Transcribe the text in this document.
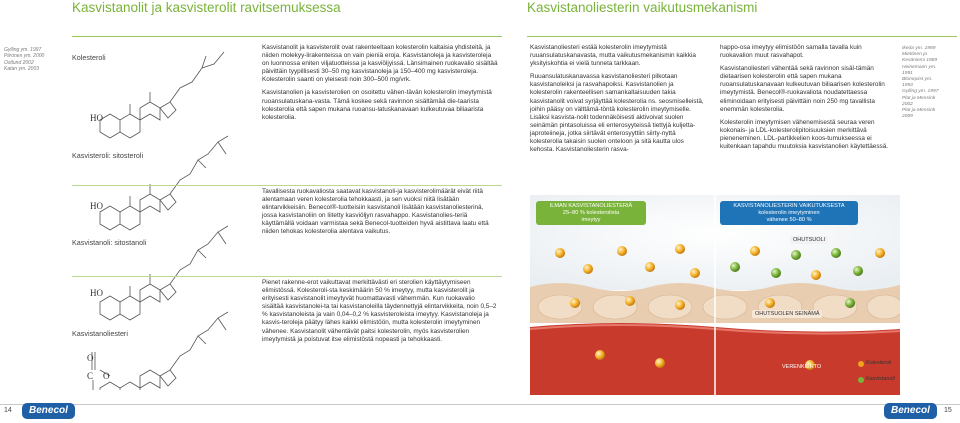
Kasvistanolit ja kasvisterolit ravitsemuksessa	Kasvistanoliesterin vaikutusmekanismi
Gylling ym. 1997
Piironen ym. 2000
Ostlund 2002
Katan ym. 2003
Kolesteroli
HO
Kasvisteroli: sitosteroli
HO
Kasvistanoli: sitostanoli
HO
Kasvistanoliesteri
O
C O

Kasvistanolit ja kasvisterolit ovat rakenteeltaan kolesterolin kaltaisia yhdisteitä, ja niiden molekyy-lirakenteissa on vain pieniä eroja. Kasvistanoleja ja kasvisteroleja on luonnossa eniten viljatuotteissa ja kasviöljyissä. Länsimainen ruokavalio sisältää päivittäin tyypillisesti 30–50 mg kasvistanoleja ja 150–400 mg kasvisteroleja. Kolesterolin saanti on yleisesti noin 300–500 mg/vrk.

Kasvistanolien ja kasvisterolien on osoitettu vähen-tävän kolesterolin imeytymistä ruoansulatuskana-vasta. Tämä koskee sekä ravinnon sisältämää die-taarista kolesterolia että sapen mukana ruoansu-latuskanavaan kulkeutuvaa biliaarista kolesterolia.

Tavallisesta ruokavaliosta saatavat kasvistanoli-ja kasvisterolimäärät eivät riitä alentamaan veren kolesterolia tehokkaasti, ja sen vuoksi niitä lisätään elintarvikkeisiin. Benecol®-tuotteisiin kasvistanoli lisätään kasvistanoliesterinä, jossa kasvistanoliin on liitetty kasviöljyn rasvahappo. Kasvistanolies-teriä käyttämällä voidaan varmistaa sekä Benecol-tuotteiden hyvä aistittava laatu että niiden tehokas kolesterolia alentava vaikutus.

Pienet rakenne-erot vaikuttavat merkittävästi eri sterolien käyttäytymiseen elimistössä. Kolesteroli-sta keskimäärin 50 % imeytyy, mutta kasvisterolit ja erityisesti kasvistanolit imeytyvät huomattavasti vähemmän. Kun ruokavalio sisältää kasvistanolei-ta tai kasvistanoleilla täydennettyjä elintarvikkeita, noin 0,5–2 % kasvistanoleista ja vain 0,04–0,2 % kasvisteroleista imeytyy. Kasvistanoleja ja kasvis-teroleja päätyy lähes kaikki elimistöön, mutta kolesterolin imeytyminen vähenee. Kasvistanolit vähentävät paitsi kolesterolin, myös kasvisterolien imeytymistä ja poistuvat itse elimistöstä nopeasti ja tehokkaasti.

Kasvistanoliesteri estää kolesterolin imeytymistä ruuansulatuskanavasta, mutta vaikutusmekanismin kaikkia yksityiskohtia ei vielä tunneta tarkkaan.

Ruuansulatuskanavassa kasvistanoliesteri pilkotaan kasvistanoleiksi ja rasvahapoiksi. Kasvistanolien ja kolesterolin rakenteellisen samankaltaisuuden takia kasvistanolit voivat syrjäyttää kolesterolia ns. seosmiselleistä, joihin pääsy on välttämä-töntä kolesterolin imeytymiselle. Lisäksi kasvista-nolit todennäköisesti aktivoivat suolen seinämän pintasoluissa eli enterosyyteissä tiettyjä kuljetta-japroteiineja, jotka siirtävät enterosyyttiin siirty-nyttä kolesterolia takaisin suolen onteloon ja sitä kautta ulos kehosta. Kasvistanoliesterin rasva-

happo-osa imeytyy elimistöön samalla tavalla kuin ruokavalion muut rasvahapot.

Kasvistanoliesteri vähentää sekä ravinnon sisäl-tämän dietaarisen kolesterolin että sapen mukana ruoansulatuskanavaan kulkeutuvan biliaarisen kolesterolin imeytymistä. Benecol®-ruokavaliota noudatettaessa eliminoidaan erityisesti päivittäin noin 250 mg tavallista enemmän kolesterolia.

Kolesterolin imeytymisen vähenemisestä seuraa veren kokonais- ja LDL-kolesterolipitoisuuksien merkittävä pieneneminen. LDL-partikkelien koos-tumukseessa ei kuitenkaan tapahdu muutoksia kasvistanolien käytettäessä.

Ikeda ym. 1989
Miettinen ja
Kesäniemi 1989
Heinemann ym.
1991
Blomqvist ym.
1993
Gylling ym. 1997
Plat ja Mensink
2002
Plat ja Mensink
2009
ILMAN KASVISTANOLIESTERIÄ
25–80 % kolesterolista
imeytyy
KASVISTANOLIESTERIN VAIKUTUKSESTA
kolesterolin imeytyminen
vähenee 50–80 %
OHUTSUOLI
OHUTSUOLEN SEINÄMÄ
VERENKIERTO
Kolesteroli
Kasvistanoli
14	Benecol	Benecol	15
